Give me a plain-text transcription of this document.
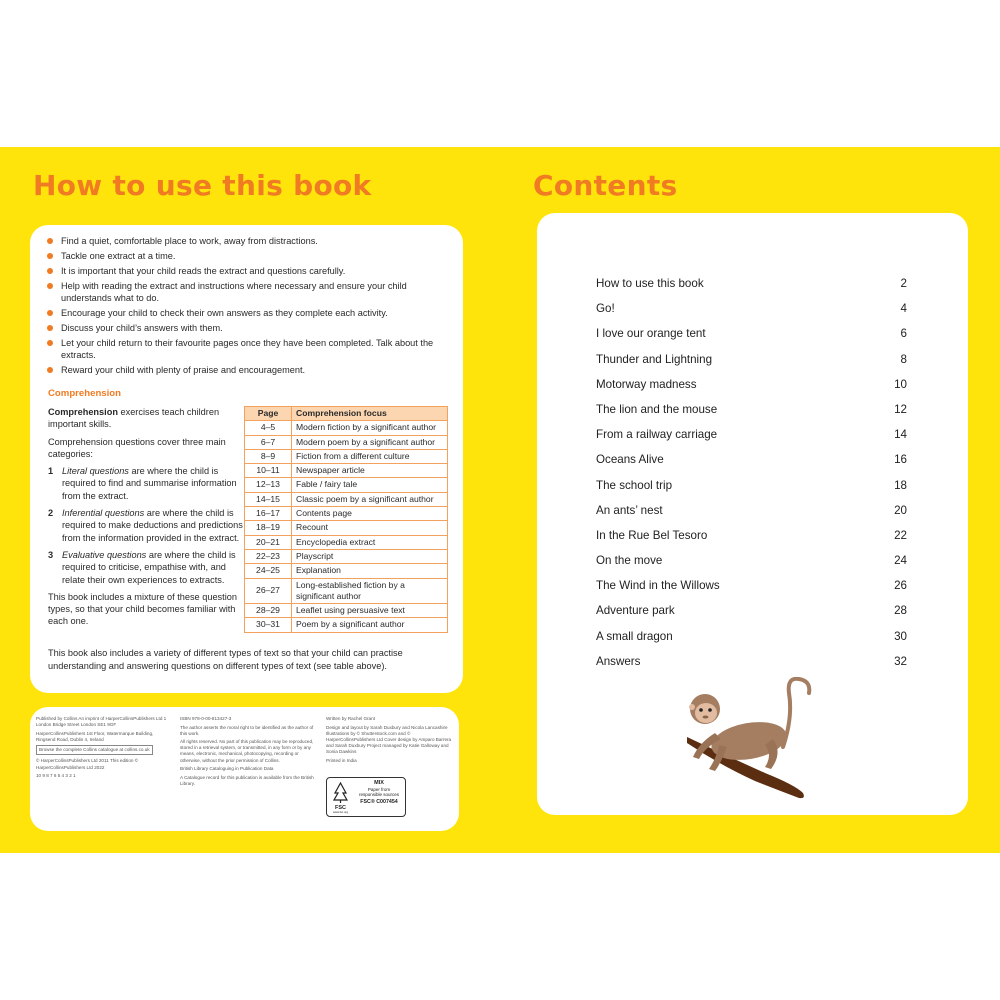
How to use this book
Find a quiet, comfortable place to work, away from distractions.
Tackle one extract at a time.
It is important that your child reads the extract and questions carefully.
Help with reading the extract and instructions where necessary and ensure your child understands what to do.
Encourage your child to check their own answers as they complete each activity.
Discuss your child’s answers with them.
Let your child return to their favourite pages once they have been completed. Talk about the extracts.
Reward your child with plenty of praise and encouragement.
Comprehension

Comprehension exercises teach children important skills.

Comprehension questions cover three main categories:

1 Literal questions are where the child is required to find and summarise information from the extract.
2 Inferential questions are where the child is required to make deductions and predictions from the information provided in the extract.
3 Evaluative questions are where the child is required to criticise, empathise with, and relate their own experiences to extracts.

This book includes a mixture of these question types, so that your child becomes familiar with each one.

Page	Comprehension focus
4–5	Modern fiction by a significant author
6–7	Modern poem by a significant author
8–9	Fiction from a different culture
10–11	Newspaper article
12–13	Fable / fairy tale
14–15	Classic poem by a significant author
16–17	Contents page
18–19	Recount
20–21	Encyclopedia extract
22–23	Playscript
24–25	Explanation
26–27	Long-established fiction by a significant author
28–29	Leaflet using persuasive text
30–31	Poem by a significant author
This book also includes a variety of different types of text so that your child can practise understanding and answering questions on different types of text (see table above).

Published by Collins An imprint of HarperCollinsPublishers Ltd 1 London Bridge Street London SE1 9GF

HarperCollinsPublishers 1st Floor, Watermarque Building, Ringsend Road, Dublin 4, Ireland

Browse the complete Collins catalogue at collins.co.uk

© HarperCollinsPublishers Ltd 2011 This edition © HarperCollinsPublishers Ltd 2022

10 9 8 7 6 5 4 3 2 1

ISBN 978-0-00-813427-3

The author asserts the moral right to be identified as the author of this work.

All rights reserved. No part of this publication may be reproduced, stored in a retrieval system, or transmitted, in any form or by any means, electronic, mechanical, photocopying, recording or otherwise, without the prior permission of Collins.

British Library Cataloguing in Publication Data

A Catalogue record for this publication is available from the British Library.

Written by Rachel Grant

Design and layout by Sarah Duxbury and Nicola Lancashire Illustrations by © Shutterstock.com and © HarperCollinsPublishers Ltd Cover design by Amparo Barrera and Sarah Duxbury Project managed by Katie Galloway and Sonia Dawkins

Printed in India

FSC
www.fsc.org
MIX
Paper from
responsible sources
FSC® C007454
Contents
How to use this book	2
Go!	4
I love our orange tent	6
Thunder and Lightning	8
Motorway madness	10
The lion and the mouse	12
From a railway carriage	14
Oceans Alive	16
The school trip	18
An ants’ nest	20
In the Rue Bel Tesoro	22
On the move	24
The Wind in the Willows	26
Adventure park	28
A small dragon	30
Answers	32
